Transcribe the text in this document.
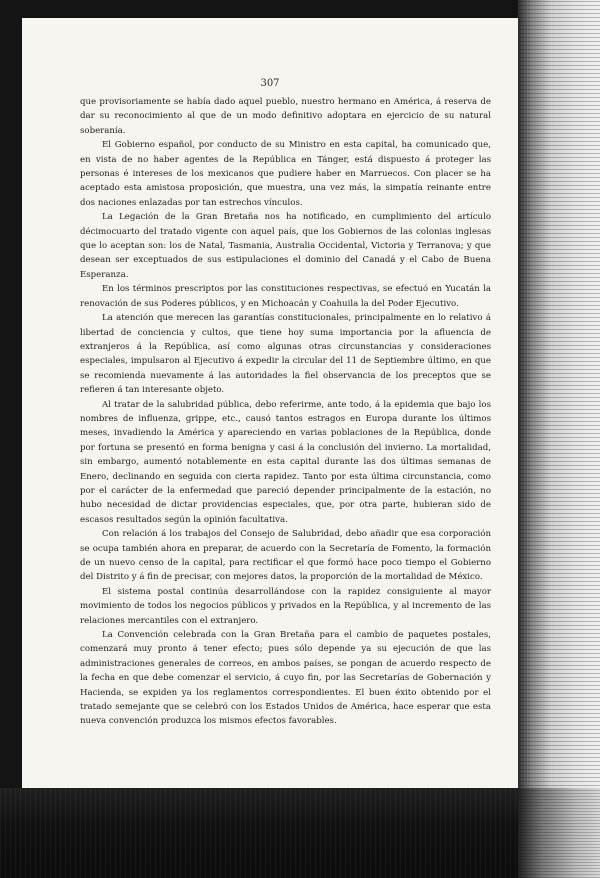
307

que provisoriamente se había dado aquel pueblo, nuestro hermano en América, á reserva de dar su reconocimiento al que de un modo definitivo adoptara en ejercicio de su natural soberanía.

El Gobierno español, por conducto de su Ministro en esta capital, ha comunicado que, en vista de no haber agentes de la República en Tánger, está dispuesto á proteger las personas é intereses de los mexicanos que pudiere haber en Marruecos. Con placer se ha aceptado esta amistosa proposición, que muestra, una vez más, la simpatía reinante entre dos naciones enlazadas por tan estrechos vínculos.

La Legación de la Gran Bretaña nos ha notificado, en cumplimiento del artículo décimocuarto del tratado vigente con aquel país, que los Gobiernos de las colonias inglesas que lo aceptan son: los de Natal, Tasmania, Australia Occidental, Victoria y Terranova; y que desean ser exceptuados de sus estipulaciones el dominio del Canadá y el Cabo de Buena Esperanza.

En los términos prescriptos por las constituciones respectivas, se efectuó en Yucatán la renovación de sus Poderes públicos, y en Michoacán y Coahuila la del Poder Ejecutivo.

La atención que merecen las garantías constitucionales, principalmente en lo relativo á libertad de conciencia y cultos, que tiene hoy suma importancia por la afluencia de extranjeros á la República, así como algunas otras circunstancias y consideraciones especiales, impulsaron al Ejecutivo á expedir la circular del 11 de Septiembre último, en que se recomienda nuevamente á las autoridades la fiel observancia de los preceptos que se refieren á tan interesante objeto.

Al tratar de la salubridad pública, debo referirme, ante todo, á la epidemia que bajo los nombres de influenza, grippe, etc., causó tantos estragos en Europa durante los últimos meses, invadiendo la América y apareciendo en varias poblaciones de la República, donde por fortuna se presentó en forma benigna y casi á la conclusión del invierno. La mortalidad, sin embargo, aumentó notablemente en esta capital durante las dos últimas semanas de Enero, declinando en seguida con cierta rapidez. Tanto por esta última circunstancia, como por el carácter de la enfermedad que pareció depender principalmente de la estación, no hubo necesidad de dictar providencias especiales, que, por otra parte, hubieran sido de escasos resultados según la opinión facultativa.

Con relación á los trabajos del Consejo de Salubridad, debo añadir que esa corporación se ocupa también ahora en preparar, de acuerdo con la Secretaría de Fomento, la formación de un nuevo censo de la capital, para rectificar el que formó hace poco tiempo el Gobierno del Distrito y á fin de precisar, con mejores datos, la proporción de la mortalidad de México.

El sistema postal continúa desarrollándose con la rapidez consiguiente al mayor movimiento de todos los negocios públicos y privados en la República, y al incremento de las relaciones mercantiles con el extranjero.

La Convención celebrada con la Gran Bretaña para el cambio de paquetes postales, comenzará muy pronto á tener efecto; pues sólo depende ya su ejecución de que las administraciones generales de correos, en ambos países, se pongan de acuerdo respecto de la fecha en que debe comenzar el servicio, á cuyo fin, por las Secretarías de Gobernación y Hacienda, se expiden ya los reglamentos correspondientes. El buen éxito obtenido por el tratado semejante que se celebró con los Estados Unidos de América, hace esperar que esta nueva convención produzca los mismos efectos favorables.
